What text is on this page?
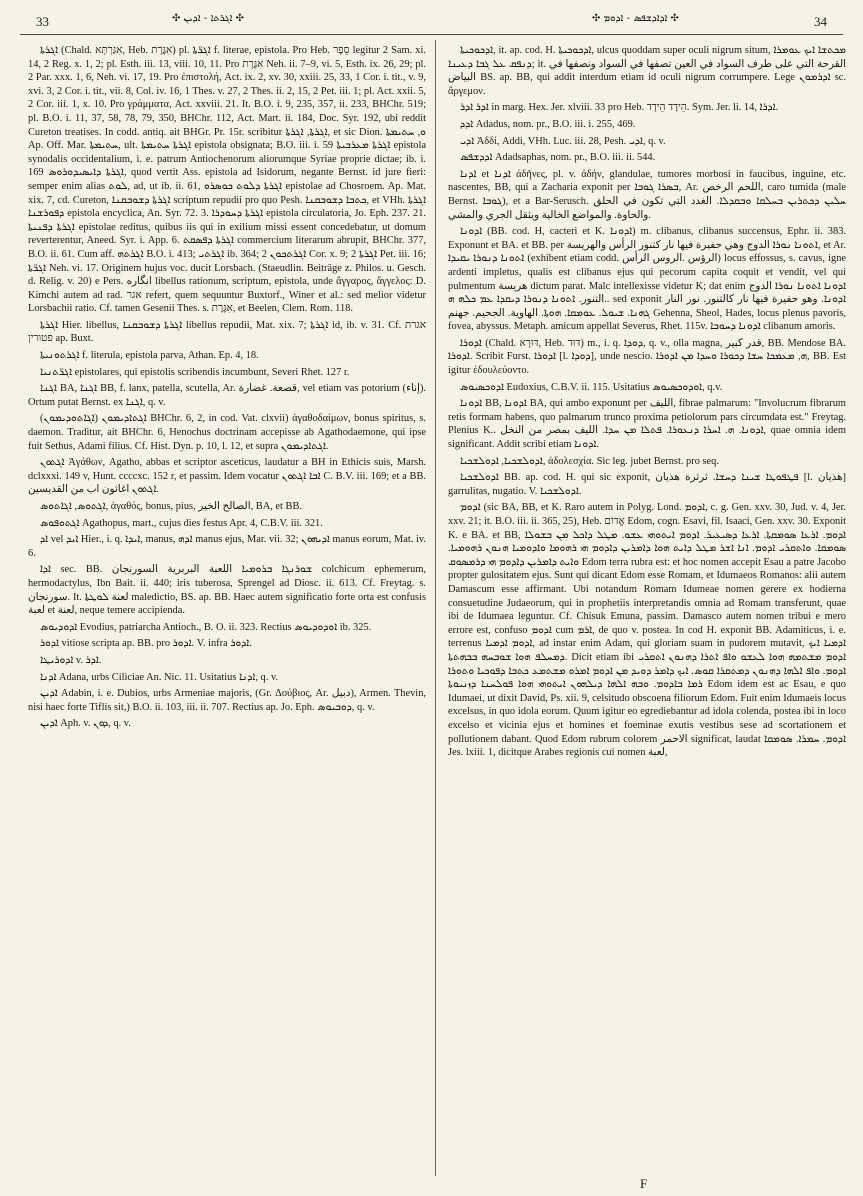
33	✣ ܐܓܪܬܐ - ܐܕܝܢ ✣	✣ ܐܕܐܕܫܦܣ - ܐܕܘܡ ✣	34

ܐܓܪܬܐ (Chald. אִגַּרְתָּא, Heb. אִגֶּרֶת) pl. ܐܓܪ̈ܬܐ f. literae, epistola. Pro Heb. סֵפֶר legitur 2 Sam. xi. 14, 2 Reg. x. 1, 2; pl. Esth. iii. 13, viii. 10, 11. Pro אִגֶּרֶת Neh. ii. 7–9, vi. 5, Esth. ix. 26, 29; pl. 2 Par. xxx. 1, 6, Neh. vi. 17, 19. Pro ἐπιστολή, Act. ix. 2, xv. 30, xxiii. 25, 33, 1 Cor. i. tit., v. 9, xvi. 3, 2 Cor. i. tit., vii. 8, Col. iv. 16, 1 Thes. v. 27, 2 Thes. ii. 2, 15, 2 Pet. iii. 1; pl. Act. xxii. 5, 2 Cor. iii. 1, x. 10. Pro γράμματα, Act. xxviii. 21. It. B.O. i. 9, 235, 357, ii. 233, BHChr. 519; pl. B.O. i. 11, 37, 58, 78, 79, 350, BHChr. 112, Act. Mart. ii. 184, Doc. Syr. 192, ubi reddit Cureton treatises. In codd. antiq. ait BHGr. Pr. 15r. scribitur ܐܓܪܬܐ, ܐܓܪܬܐ, et sic Dion. ܘ, ܚܬܝܡܬܐ Ap. Off. Mar. ܚܬܝܡܬܐ, ult. ܐܓܪܬܐ ܚܬܝܡܬܐ epistola obsignata; B.O. iii. i. 59 ܐܓܪܬܐ ܡܥܪܒܝܬܐ epistola synodalis occidentalium, i. e. patrum Antiochenorum aliorumque Syriae proprie dictae; ib. i. 169 ܐܓܪܬܐ ܕܐܝܣܝܕܘܪܘܣ, quod vertit Ass. epistola ad Isidorum, negante Bernst. id jure fieri: semper enim alias ܠܘܬ, ad, ut ib. ii. 61, ܐܓܪܬܐ ܕܠܘܬ ܟܘܣܪܘ epistolae ad Chosroem. Ap. Mat. xix. 7, cd. Cureton, ܐܓܪܬܐ ܕܫܘܒܩܢܐ scriptum repudii pro quo Pesh. ܟܬܒܐ ܕܫܘܒܩܢܐ, et VHh. ܐܓܪܬܐ ܕܦܘܪܫܢܐ epistola encyclica, An. Syr. 72. 3. ܐܓܪܬܐ ܕܚܘܕܪܐ epistola circulatoria, Jo. Eph. 237. 21. ܐܓܪܬܐ ܕܦܢܝܬܐ epistolae reditus, quibus iis qui in exilium missi essent concedebatur, ut domum reverterentur, Aneed. Syr. i. App. 6. ܐܓܪܬܐ ܕܦܣܩܬ commercium literarum abrupit, BHChr. 377, B.O. ii. 61. Cum aff. ܐܓܪܬܗ B.O. i. 413; ܐܓܪܬܝ ib. 364; ܐܓܪܬܟܘܢ 2 Cor. x. 9; ܐܓܪܬܐ 2 Pet. iii. 16; ܐܓܪ̈ܬܐ Neh. vi. 17. Originem hujus voc. ducit Lorsbach. (Staeudlin. Beiträge z. Philos. u. Gesch. d. Relig. v. 20) e Pers. انگاره libellus rationum, scriptum, epistola, unde ἄγγαρος, ἄγγελος: D. Kimchi autem ad rad. אגר refert, quem sequuntur Buxtorf., Winer et al.: sed melior videtur Lorsbachii ratio. Cf. tamen Gesenii Thes. s. אִגֶּרֶת, et Beelen, Clem. Rom. 118.

ܐܓܪܬܐ Hier. libellus, ܐܓܪܬܐ ܕܫܘܒܩܢܐ libellus repudii, Mat. xix. 7; ܐܓܪܬܐ id, ib. v. 31. Cf. אגרת פטורין ap. Buxt.

ܐܓܪܬܘܢܝܬܐ f. literula, epistola parva, Athan. Ep. 4, 18.

ܐܓܪ̈ܬܢܝܐ epistolares, qui epistolis scribendis incumbunt, Severi Rhet. 127 r.

ܐܓܢܐ BA, ܐܓܢܐ BB, f. lanx, patella, scutella, Ar. قصعة. غضارة, vel etiam vas potorium (إناء). Ortum putat Bernst. ex ܐܓܢܐ, q. v.

ܐܓܬܐܕܝܡܘܢ (ܐܓܐܬܘܕܝܡܘܢ) BHChr. 6, 2, in cod. Vat. clxvii) ἀγαθοδαίμων, bonus spiritus, s. daemon. Traditur, ait BHChr. 6, Henochus doctrinam accepisse ab Agathodaemone, qui ipse fuit Sethus, Adami filius. Cf. Hist. Dyn. p. 10, l. 12, et supra ܐܓܬܐܕܝܡܘܢ.

ܐܓܬܘܢ Ἀγάθων, Agatho, abbas et scriptor asceticus, laudatur a BH in Ethicis suis, Marsh. dclxxxi. 149 v, Hunt. ccccxc. 152 r, et passim. Idem vocatur ܐܒܐ ܐܓܬܘܢ C. B.V. iii. 169; et a BB. ܐܓܬܘܢ اغاثون اب من القديسين.

ܐܓܬܘܣ, ܐܓܐܬܘܣ, ἀγαθός, bonus, pius, الصالح الخير, BA, et BB.

ܐܓܬܘܦܘܣ Agathopus, mart., cujus dies festus Apr. 4, C.B.V. iii. 321.

ܐܕ vel ܐܝܕ Hier., i. q. ܐܝܕܐ, manus, ܐܕܗ manus ejus, Mar. vii. 32; ܐܕܝܗܘܢ manus eorum, Mat. iv. 6.

ܐܕܐ sec. BB. ܫܘܪܢܓܐ ܒܪܘܡܝܐ اللعبة البربرية السورنجان colchicum ephemerum, hermodactylus, Ibn Bait. ii. 440; iris tuberosa, Sprengel ad Diosc. ii. 613. Cf. Freytag. s. سورنجان. It. لعنة ܠܘܛܬܐ maledictio, BS. ap. BB. Haec autem significatio forte orta est confusis لعبة et لعنة, neque temere accipienda.

ܐܕܘܕܝܘܣ Evodius, patriarcha Antioch., B. O. ii. 323. Rectius ܐܘܕܘܕܝܘܣ ib. 325.

ܐܕܘܪ vitiose scripta ap. BB. pro ܐܕܘܪ. V. infra ܐܕܘܪ.

ܐܕܘܪܝܛܐ v. ܐܕܪ.

ܐܕܢܐ Adana, urbs Ciliciae An. Nic. 11. Usitatius ܐܕܢܐ, q. v.

ܐܕܝܢ Adabin, i. e. Dubios, urbs Armeniae majoris, (Gr. Δούβιος, Ar. دبيل), Armen. Thevin, nisi haec forte Tiflis sit,) B.O. ii. 103, iii. ii. 707. Rectius ap. Jo. Eph. ܕܘܒܝܘܣ, q. v.

ܐܕܝܢ Aph. v. ܕܘܢ, q. v.

ܐܕܟܘܟܝܬܐ, it. ap. cod. H. ܐܕܟܘܟܝܬܐ, ulcus quoddam super oculi nigrum situm, ܡܟܬܫܐ ܐܝܟ ܥܘܡܪܐ ܕܢܦܩ ܥܠ ܓܒܐ ܕܥܝܢܐ; it. القرحة التي على طرف السواد في العين تصفها في السواد ونصفها في البياض BS. ap. BB, qui addit interdum etiam id oculi nigrum corrumpere. Lege ܐܕܪܡܘܢ sc. ἄργεμον.

ܐܕܪ ܐܕܪ in marg. Hex. Jer. xlviii. 33 pro Heb. הֵידָד הֵידָד. Sym. Jer. li. 14, ܐܕܪܐ.

ܐܕܕ Adadus, nom. pr., B.O. iii. i. 255, 469.

ܐܕܝ Ἀδδί, Addi, VHh. Luc. iii. 28, Pesh. ܐܕܝ, q. v.

ܐܕܕܫܦܣ Adadsaphas, nom. pr., B.O. iii. ii. 544.

ܐܕܢܐ et ܐܕܢܐ ἀδῆνες, pl. v. ἀδήν, glandulae, tumores morbosi in faucibus, inguine, etc. nascentes, BB, qui a Zacharia exponit per ܒܣܪܐ ܓܘܒܐ, Ar. اللحم الرخص, caro tumida (male Bernst. ܓܘܒܐ), et a Bar-Serusch. ܚܠܝܢ ܕܟܬܪܝܢ ܒܚܠܩܐ ܘܒܩܕܠܐ. الغدد التي تكون في الحلق والحاوة. والمواضع الخالية ويثقل الجري والمشي.

ܐܕܘܢܐ (BB. cod. H, cacteri et K. ܐܕܘܢܐ) m. clibanus, clibanus succensus, Ephr. ii. 383. Exponunt et BA. et BB. per ܐܬܘܢܐ ܢܘܪܐ الدوج وهي حفيرة فيها نار كتنور الرأس والهريسة, et Ar. ܐܬܘܢܐ ܕܢܘܪܐ ܝܩܝܕܐ (exhibent etiam codd. الرؤس .الروس الرأس) locus effossus, s. cavus, igne ardenti impletus, qualis est clibanus ejus qui pecorum capita coquit et vendit, vel qui pulmentum هريسة dictum parat. Malc intellexisse videtur K; dat enim ܐܕܘܢܐ ܐܬܘܢܐ ܢܘܪܐ الدوج .التنور. ܐܬܘܢܐ ܕܢܘܪܐ ܕܝܩܕܐ ܥܡ ܟܠܗ ܗ. sed exponit ܐܕܘܢܐ. وهو حفيرة فيها نار كالتنور. نور النار ܓܗܢܐ. ܫܝܘܠ. ܥܘܡܩܐ. ܗܘܬܐ. الهاوية. الجحيم. جهنم Gehenna, Sheol, Hades, locus plenus pavoris, fovea, abyssus. Metaph. amicum appellat Severus, Rhet. 115v. ܐܕܘܢܐ ܕܚܘܒܐ clibanum amoris.

ܐܕܘܪܐ (Chald. דּוּרָא, Heb. דּוּד) m., i. q. ܕܘܕܐ, q. v., olla magna, قدر كبير, BB. Mendose BA. ܐܕܘܪܐ. Scribit Furst. ܐܕܘܪܐ [l. ܕܘܕܐ], unde nescio. ܗ, ܡܥܡܟܐ ܚܫܐ ܕܟܘܪܐ ܘܚܕܐ ܡܢ ܐܕܘܪܐ, BB. Est igitur ἐδουλεύοντο.

ܐܕܘܟܣܝܘܣ Eudoxius, C.B.V. ii. 115. Usitatius ܐܘܕܘܟܣܝܘܣ, q.v.

ܐܕܘܢܐ BB, ܐܕܘܢܐ BA, qui ambo exponunt per الليف, fibrae palmarum: "Involucrum fibrarum retis formam habens, quo palmarum trunco proxima petiolorum pars circumdata est." Freytag. Plenius K.. ܐܕܘܢܐ. ܗ. ܐܚܪܐ ܕܢܥܘܪܐ. ܦܬܠܐ ܡܢ ܚܕܐ. الليف بمصر من النخل, quae omnia idem significant. Addit scribi etiam ܐܕܘܢܐ.

ܐܕܘܠܫܟܝܐ, ܐܕܘܠܫܟܝܐ, ἀδολεσχία. Sic leg. jubet Bernst. pro seq.

ܐܕܘܠܫܟܝܐ BB. ap. cod. H. qui sic exponit, ܦܛܦܘܛܐ ܫܝܢܐ ܕܚܫܐ. ثرثرة هذيان [l. هذيان] garrulitas, nugatio. V. ܐܕܘܠܫܟܝܐ.

ܐܕܘܡ (sic BA, BB, et K. Raro autem in Polyg. Lond. ܐܕܘܡ, c. g. Gen. xxv. 30, Jud. v. 4, Jer. xxv. 21; it. B.O. iii. ii. 365, 25), Heb. אֱדוֹם Edom, cogn. Esavi, fil. Isaaci, Gen. xxv. 30. Exponit K. e BA. et BB, ܐܕܘܡ. ܐܪܥܐ ܣܘܡܩܬܐ. ܐܪܥܐ ܕܣܝܥܝܪ. ܐܕܘܡ ܐܝܬܘܗܝ ܥܫܘ. ܡܛܠ ܕܐܟܠ ܡܢ ܒܫܘܠܐ ܣܘܡܩܐ. ܘܐܬܩܪܝ ܐܕܘܡ. ܐܢܐ ܐܫܪ ܡܛܠ ܕܐܝܬ ܗܘܐ ܕܐܡܪܝܢ ܕܐܕܘܡ ܗܝ ܪܗܘܡܐ ܘܐܕܘܡܝܐ ܗܢܘܢ ܪܗܘܡܝܐ. ܘܐܝܬ ܕܐܡܪܝܢ ܕܐܕܘܡ ܗܝ ܕܪܡܣܘܩ Edom terra rubra est: et hoc nomen accepit Esau a patre Jacobo propter gulositatem ejus. Sunt qui dicant Edom esse Romam, et Idumaeos Romanos: alii autem Damascum esse affirmant. Ubi notandum Romam Idumeae nomen gerere ex hodierna consuetudine Judaeorum, qui in prophetiis interpretandis omnia ad Romam transferunt, quae ibi de Idumaea leguntur. Cf. Chisuk Emuna, passim. Damasco autem nomen tribui e mero errore est, confuso ܐܕܘܡ cum ܐܪܡ, de quo v. postea. In cod H. exponit BB. Adamiticus, i. e. terrenus ܐܕܘܡ ܐܕܡܝܐ, ad instar enim Adam, qui gloriam suam in pudorem mutavit, ܐܕܡܝܐ ܐܝܟ ܕܡܚܠܦ ܗܘܐ ܫܘܒܚܗ ܒܒܗܬܬܐ. Dicit etiam ibi ܐܕܘܡ ܡܫܬܡܗ ܗܘܐ ܠܥܫܘ ܘܐܦ ܐܬܪܐ ܕܗܢܘܢ ܐܬܩܪܝ ܐܕܘܡ. ܘܐܦ ܐܠܗܐ ܕܗܢܘܢ ܕܡܬܩܪܐ ܩܘܣ. ܐܝܟ ܕܐܡܪ ܕܘܝܕ ܡܢ ܐܕܘܡ ܐܡܪܘ ܡܫܬܡܥ ܟܬܒܐ ܕܦܘܟܝܐ ܘܬܘܪܐ ܪܡܐ ܒܐܕܘܡ. ܘܒܗ ܐܠܗܐ ܕܝܠܗܘܢ ܐܝܬܘܗܝ ܗܘܐ ܦܘܠܚܢܐ ܕܙܢܝܘܬܐ Edom idem est ac Esau, e quo Idumaei, ut dixit David, Ps. xii. 9, celsitudo obscoena filiorum Edom. Fuit enim Idumaeis locus excelsus, in quo idola eorum. Quum igitur eo egrediebantur ad idola colenda, postea ibi in loco excelso et vicinia ejus et homines et foeminae exutis vestibus sese ad scortationem et pollutionem dabant. Quod Edom rubrum colorem الاحمر significat, laudat ܐܕܘܡ. ܚܡܪܐ. ܣܘܡܩܐ Jes. lxiii. 1, dicitque Arabes regionis cui nomen لعبة,

F
